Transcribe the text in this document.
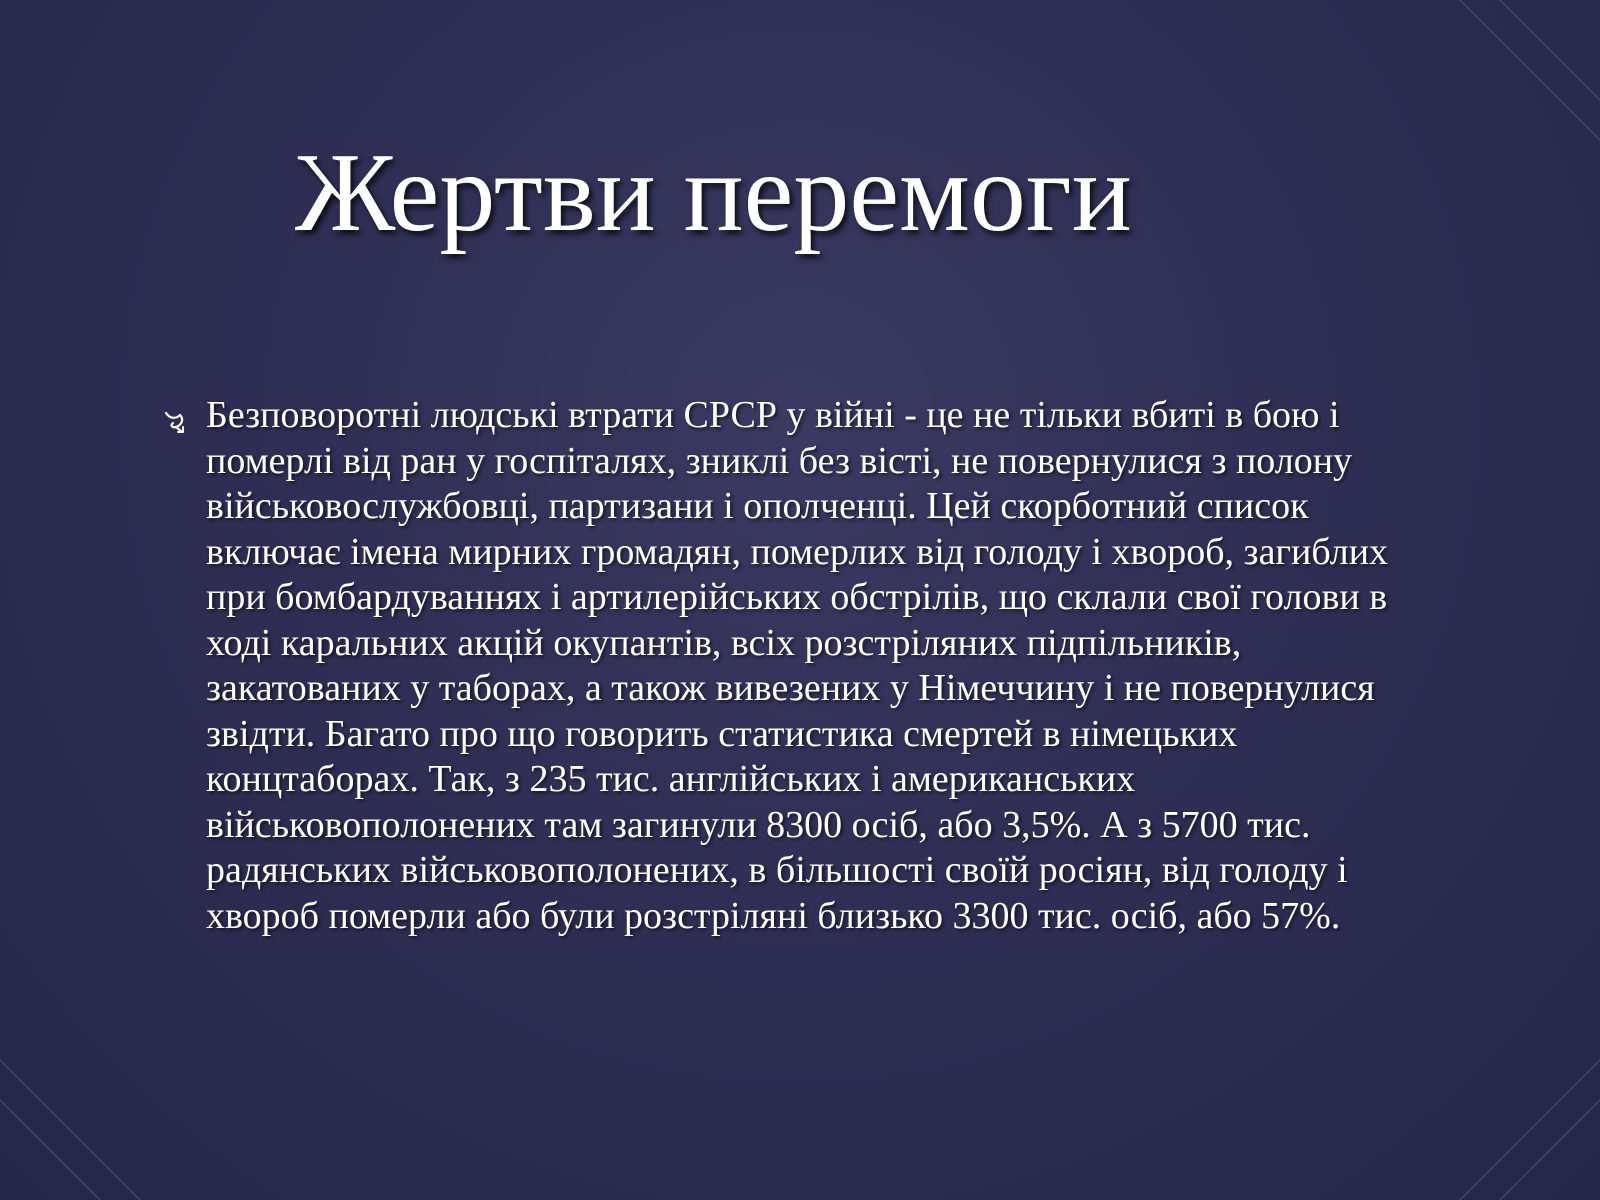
Жертви перемоги

Безповоротні людські втрати СРСР у війні - це не тільки вбиті в бою і померлі від ран у госпіталях, зниклі без вісті, не повернулися з полону військовослужбовці, партизани і ополченці. Цей скорботний список включає імена мирних громадян, померлих від голоду і хвороб, загиблих при бомбардуваннях і артилерійських обстрілів, що склали свої голови в ході каральних акцій окупантів, всіх розстріляних підпільників, закатованих у таборах, а також вивезених у Німеччину і не повернулися звідти. Багато про що говорить статистика смертей в німецьких концтаборах. Так, з 235 тис. англійських і американських військовополонених там загинули 8300 осіб, або 3,5%. А з 5700 тис. радянських військовополонених, в більшості своїй росіян, від голоду і хвороб померли або були розстріляні близько 3300 тис. осіб, або 57%.
